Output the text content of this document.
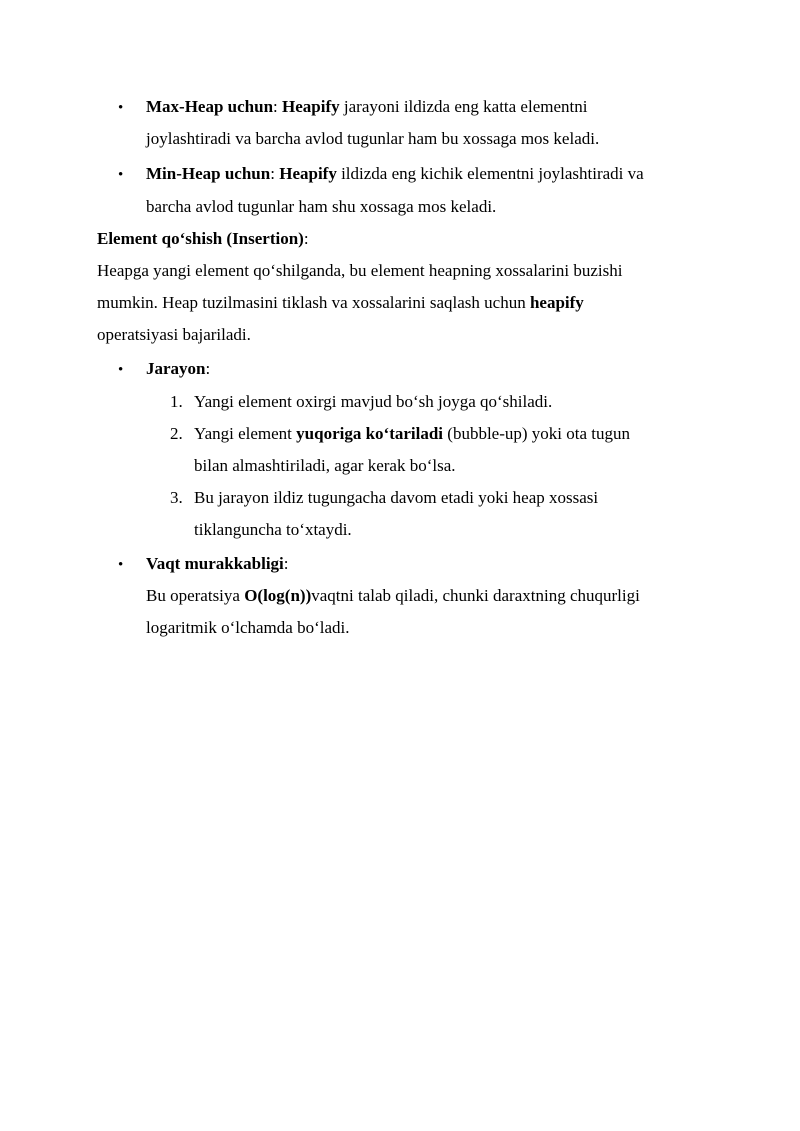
• Max-Heap uchun: Heapify jarayoni ildizda eng katta elementni
joylashtiradi va barcha avlod tugunlar ham bu xossaga mos keladi.
• Min-Heap uchun: Heapify ildizda eng kichik elementni joylashtiradi va
barcha avlod tugunlar ham shu xossaga mos keladi.
Element qo‘shish (Insertion):
Heapga yangi element qo‘shilganda, bu element heapning xossalarini buzishi
mumkin. Heap tuzilmasini tiklash va xossalarini saqlash uchun heapify
operatsiyasi bajariladi.
• Jarayon:
1. Yangi element oxirgi mavjud bo‘sh joyga qo‘shiladi.
2. Yangi element yuqoriga ko‘tariladi (bubble-up) yoki ota tugun
bilan almashtiriladi, agar kerak bo‘lsa.
3. Bu jarayon ildiz tugungacha davom etadi yoki heap xossasi
tiklanguncha to‘xtaydi.
• Vaqt murakkabligi:
Bu operatsiya O(log(n))vaqtni talab qiladi, chunki daraxtning chuqurligi
logaritmik o‘lchamda bo‘ladi.
